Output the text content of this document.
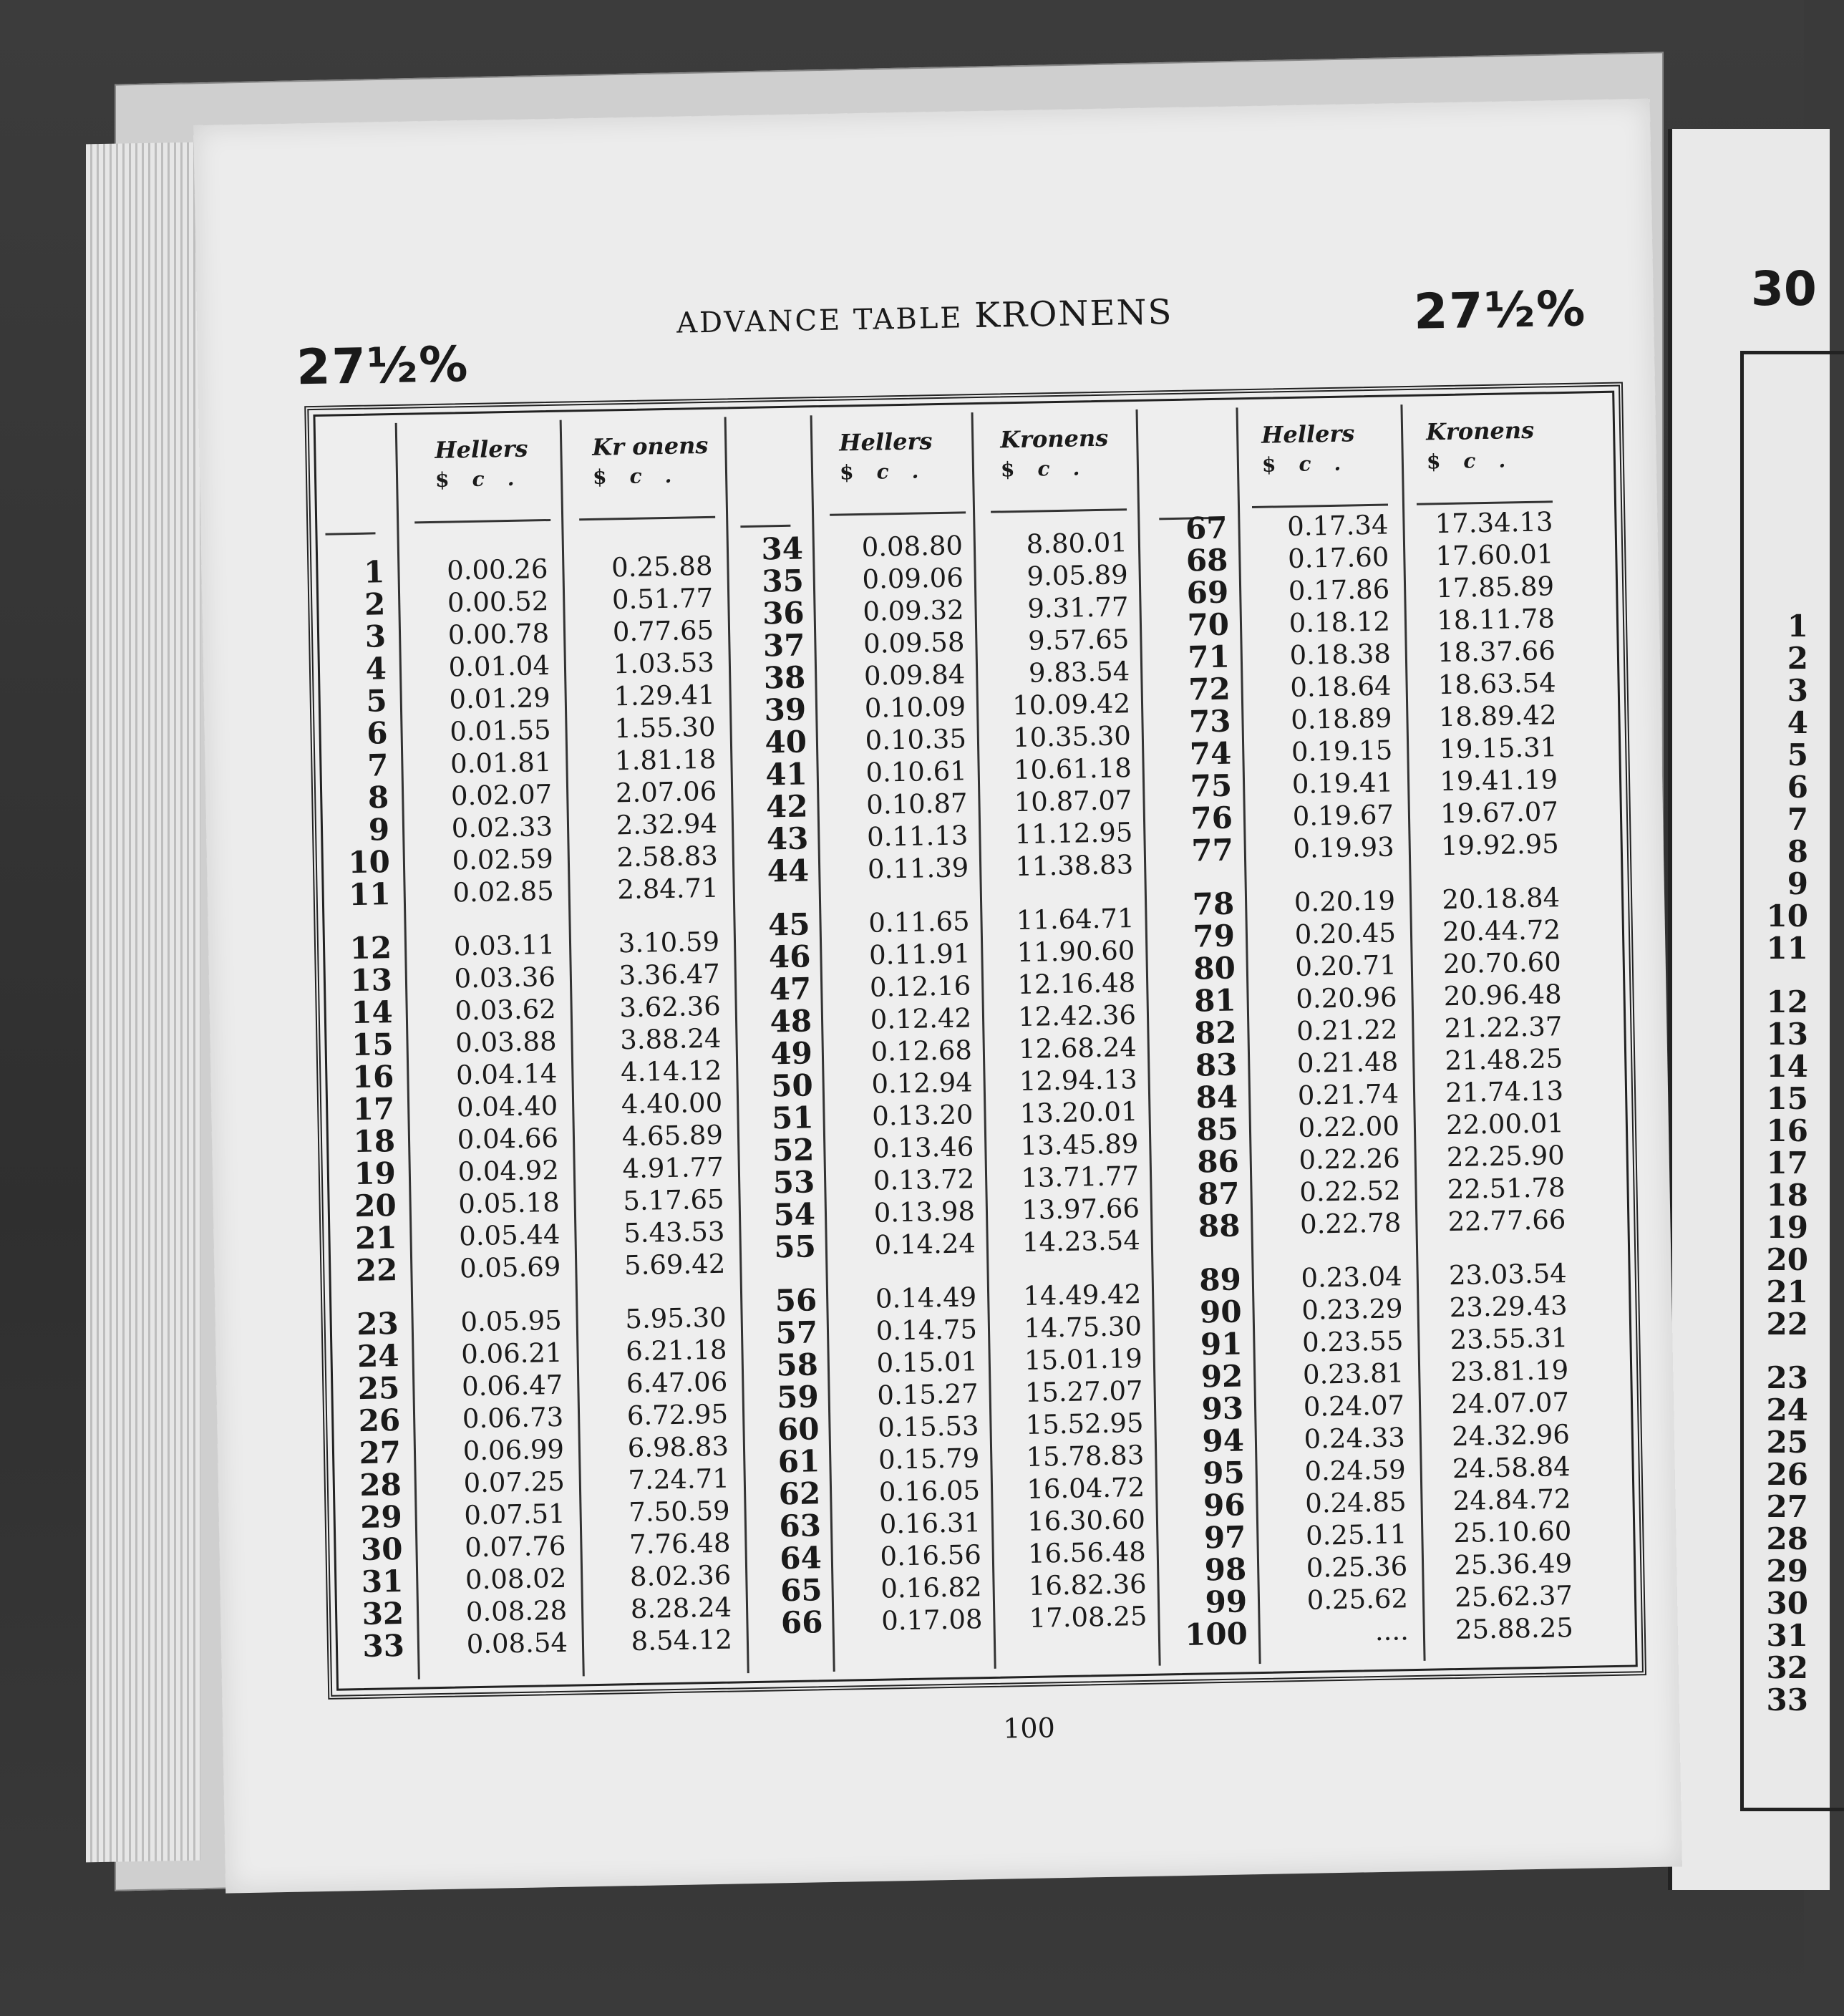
30
1
2
3
4
5
6
7
8
9
10
11
12
13
14
15
16
17
18
19
20
21
22
23
24
25
26
27
28
29
30
31
32
33
27½%
ADVANCE TABLE KRONENS	27½%
Hellers
$c.
Kr onens
$c.
Hellers
$c.
Kronens
$c.
Hellers
$c.
Kronens
$c.
1
2
3
4
5
6
7
8
9
10
11
12
13
14
15
16
17
18
19
20
21
22
23
24
25
26
27
28
29
30
31
32
33
0.00.26
0.00.52
0.00.78
0.01.04
0.01.29
0.01.55
0.01.81
0.02.07
0.02.33
0.02.59
0.02.85
0.03.11
0.03.36
0.03.62
0.03.88
0.04.14
0.04.40
0.04.66
0.04.92
0.05.18
0.05.44
0.05.69
0.05.95
0.06.21
0.06.47
0.06.73
0.06.99
0.07.25
0.07.51
0.07.76
0.08.02
0.08.28
0.08.54
0.25.88
0.51.77
0.77.65
1.03.53
1.29.41
1.55.30
1.81.18
2.07.06
2.32.94
2.58.83
2.84.71
3.10.59
3.36.47
3.62.36
3.88.24
4.14.12
4.40.00
4.65.89
4.91.77
5.17.65
5.43.53
5.69.42
5.95.30
6.21.18
6.47.06
6.72.95
6.98.83
7.24.71
7.50.59
7.76.48
8.02.36
8.28.24
8.54.12
34
35
36
37
38
39
40
41
42
43
44
45
46
47
48
49
50
51
52
53
54
55
56
57
58
59
60
61
62
63
64
65
66
0.08.80
0.09.06
0.09.32
0.09.58
0.09.84
0.10.09
0.10.35
0.10.61
0.10.87
0.11.13
0.11.39
0.11.65
0.11.91
0.12.16
0.12.42
0.12.68
0.12.94
0.13.20
0.13.46
0.13.72
0.13.98
0.14.24
0.14.49
0.14.75
0.15.01
0.15.27
0.15.53
0.15.79
0.16.05
0.16.31
0.16.56
0.16.82
0.17.08
8.80.01
9.05.89
9.31.77
9.57.65
9.83.54
10.09.42
10.35.30
10.61.18
10.87.07
11.12.95
11.38.83
11.64.71
11.90.60
12.16.48
12.42.36
12.68.24
12.94.13
13.20.01
13.45.89
13.71.77
13.97.66
14.23.54
14.49.42
14.75.30
15.01.19
15.27.07
15.52.95
15.78.83
16.04.72
16.30.60
16.56.48
16.82.36
17.08.25
67
68
69
70
71
72
73
74
75
76
77
78
79
80
81
82
83
84
85
86
87
88
89
90
91
92
93
94
95
96
97
98
99
100
0.17.34
0.17.60
0.17.86
0.18.12
0.18.38
0.18.64
0.18.89
0.19.15
0.19.41
0.19.67
0.19.93
0.20.19
0.20.45
0.20.71
0.20.96
0.21.22
0.21.48
0.21.74
0.22.00
0.22.26
0.22.52
0.22.78
0.23.04
0.23.29
0.23.55
0.23.81
0.24.07
0.24.33
0.24.59
0.24.85
0.25.11
0.25.36
0.25.62
....
17.34.13
17.60.01
17.85.89
18.11.78
18.37.66
18.63.54
18.89.42
19.15.31
19.41.19
19.67.07
19.92.95
20.18.84
20.44.72
20.70.60
20.96.48
21.22.37
21.48.25
21.74.13
22.00.01
22.25.90
22.51.78
22.77.66
23.03.54
23.29.43
23.55.31
23.81.19
24.07.07
24.32.96
24.58.84
24.84.72
25.10.60
25.36.49
25.62.37
25.88.25
100
